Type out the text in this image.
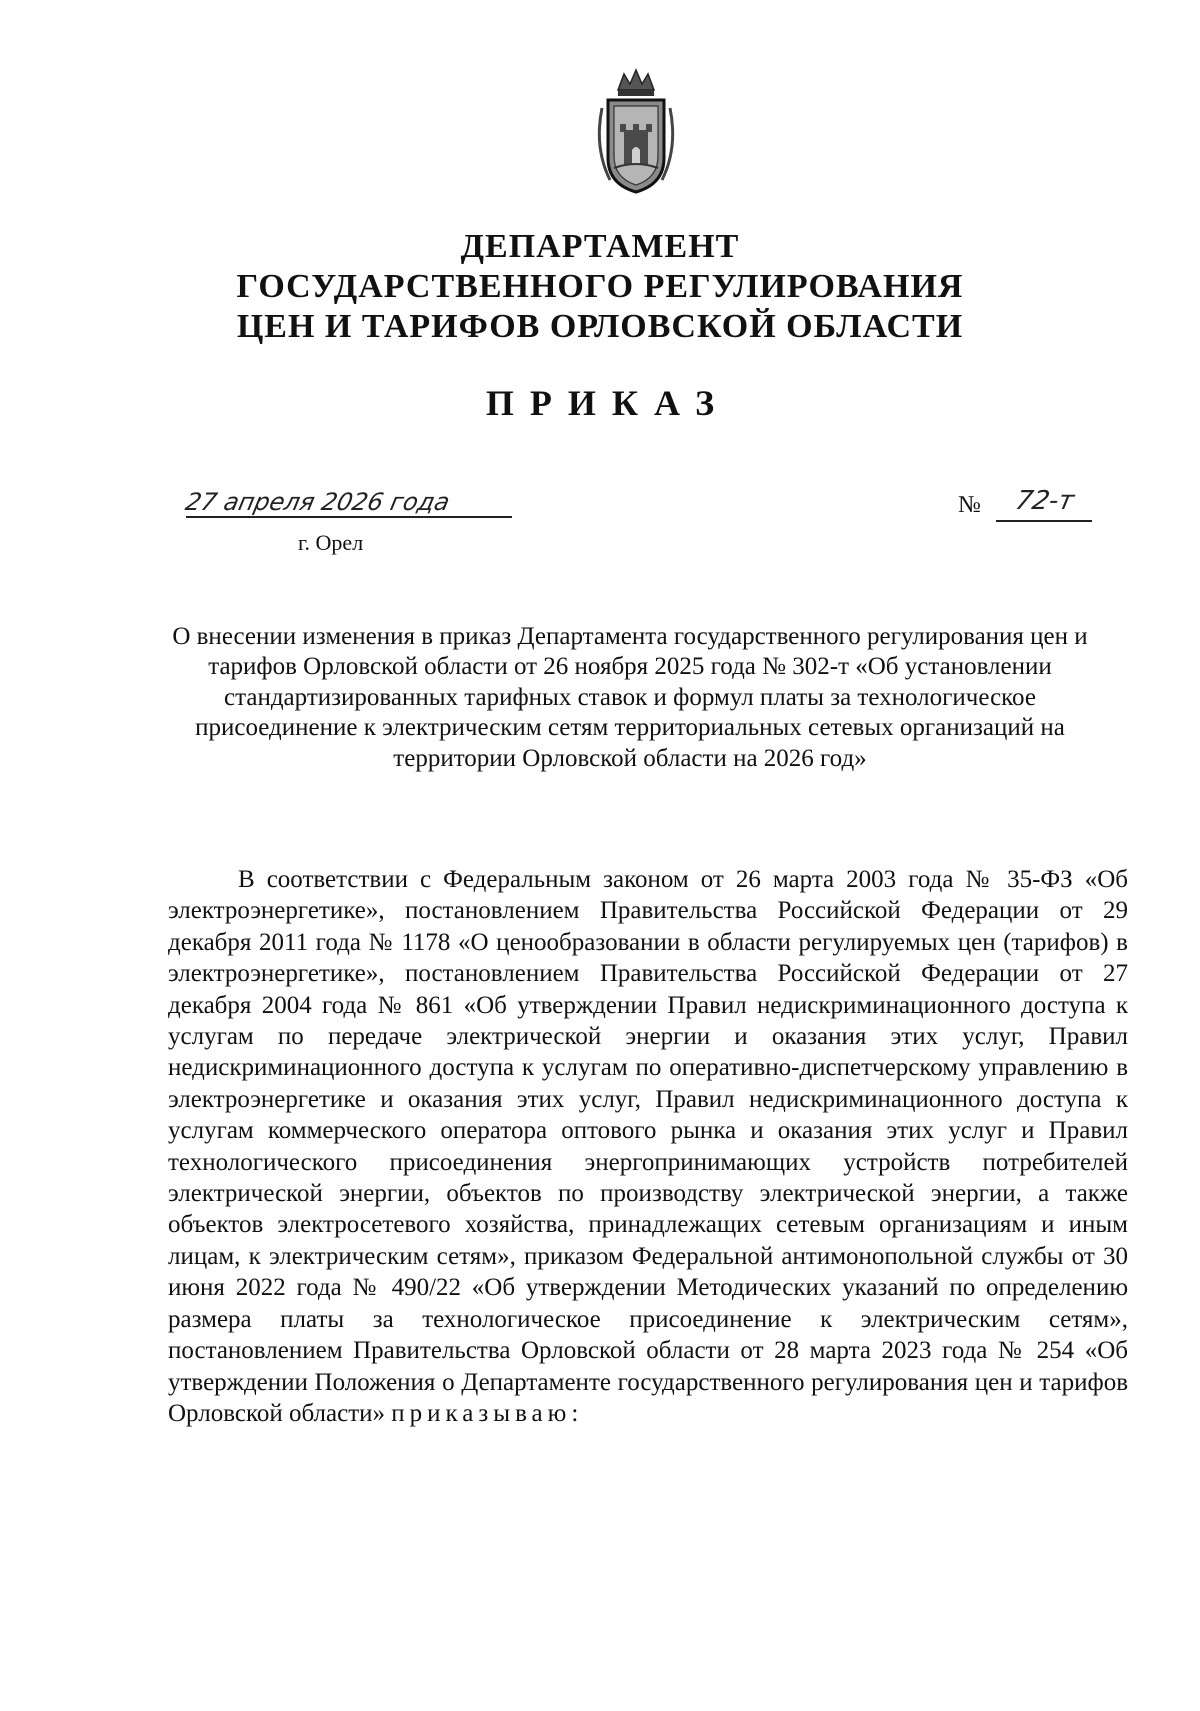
ДЕПАРТАМЕНТ
ГОСУДАРСТВЕННОГО РЕГУЛИРОВАНИЯ
ЦЕН И ТАРИФОВ ОРЛОВСКОЙ ОБЛАСТИ
ПРИКАЗ
27 апреля 2026 года
г. Орел
№ 72-т
О внесении изменения в приказ Департамента государственного регулирования цен и тарифов Орловской области от 26 ноября 2025 года № 302-т «Об установлении стандартизированных тарифных ставок и формул платы за технологическое присоединение к электрическим сетям территориальных сетевых организаций на территории Орловской области на 2026 год»
В соответствии с Федеральным законом от 26 марта 2003 года № 35-ФЗ «Об электроэнергетике», постановлением Правительства Российской Федерации от 29 декабря 2011 года № 1178 «О ценообразовании в области регулируемых цен (тарифов) в электроэнергетике», постановлением Правительства Российской Федерации от 27 декабря 2004 года № 861 «Об утверждении Правил недискриминационного доступа к услугам по передаче электрической энергии и оказания этих услуг, Правил недискриминационного доступа к услугам по оперативно-диспетчерскому управлению в электроэнергетике и оказания этих услуг, Правил недискриминационного доступа к услугам коммерческого оператора оптового рынка и оказания этих услуг и Правил технологического присоединения энергопринимающих устройств потребителей электрической энергии, объектов по производству электрической энергии, а также объектов электросетевого хозяйства, принадлежащих сетевым организациям и иным лицам, к электрическим сетям», приказом Федеральной антимонопольной службы от 30 июня 2022 года № 490/22 «Об утверждении Методических указаний по определению размера платы за технологическое присоединение к электрическим сетям», постановлением Правительства Орловской области от 28 марта 2023 года № 254 «Об утверждении Положения о Департаменте государственного регулирования цен и тарифов Орловской области» приказываю:
